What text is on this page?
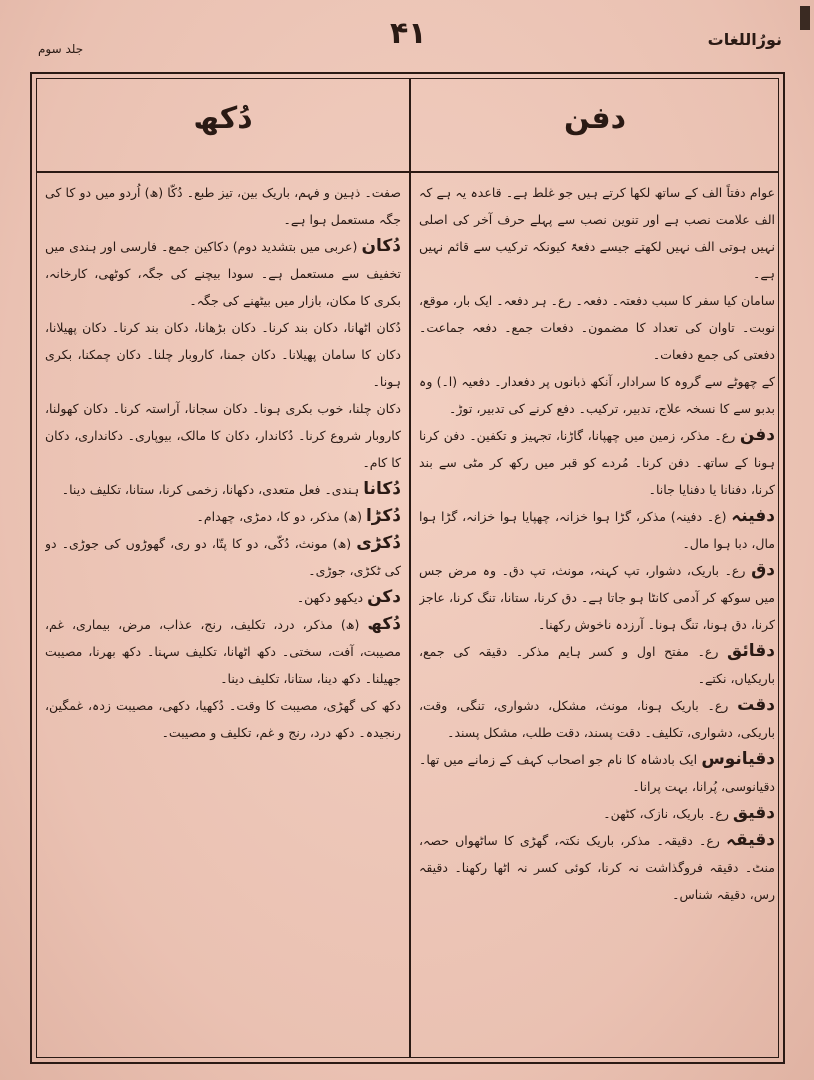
جلد سوم	۴۱	نورُاللغات
دُکھ	دفن

عوام دفتاً الف کے ساتھ لکھا کرتے ہیں جو غلط ہے۔ قاعدہ یہ ہے کہ الف علامت نصب ہے اور تنوین نصب سے پہلے حرف آخر کی اصلی نہیں ہوتی الف نہیں لکھتے جیسے دفعۃً کیونکہ ترکیب سے قائم نہیں ہے۔

سامان کیا سفر کا سبب دفعتہ۔ دفعہ۔ رع۔ ہر دفعہ۔ ایک بار، موقع، نوبت۔ تاوان کی تعداد کا مضمون۔ دفعات جمع۔ دفعہ جماعت۔ دفعتی کی جمع دفعات۔

کے چھوٹے سے گروہ کا سرادار، آنکھ ذبانوں پر دفعدار۔ دفعیہ (ا۔) وہ بدبو سے کا نسخہ علاج، تدبیر، ترکیب۔ دفع کرنے کی تدبیر، توڑ۔

دفن رع۔ مذکر، زمین میں چھپانا، گاڑنا، تجہیز و تکفین۔ دفن کرنا ہونا کے ساتھ۔ دفن کرنا۔ مُردے کو قبر میں رکھ کر مٹی سے بند کرنا، دفنانا یا دفنایا جانا۔

دفینہ (ع۔ دفینہ) مذکر، گڑا ہوا خزانہ، چھپایا ہوا خزانہ، گڑا ہوا مال، دبا ہوا مال۔

دق رع۔ باریک، دشوار، تپ کہنہ، مونث، تپ دق۔ وہ مرض جس میں سوکھ کر آدمی کانٹا ہو جاتا ہے۔ دق کرنا، ستانا، تنگ کرنا، عاجز کرنا، دق ہونا، تنگ ہونا۔ آرزدہ ناخوش رکھنا۔

دقائق رع۔ مفتح اول و کسر ہایم مذکر۔ دقیقہ کی جمع، باریکیاں، نکتے۔

دقت رع۔ باریک ہونا، مونث، مشکل، دشواری، تنگی، وقت، باریکی، دشواری، تکلیف۔ دقت پسند، دقت طلب، مشکل پسند۔

دقیانوس ایک بادشاہ کا نام جو اصحاب کہف کے زمانے میں تھا۔ دقیانوسی، پُرانا، بہت پرانا۔

دقیق رع۔ باریک، نازک، کٹھن۔

دقیقہ رع۔ دقیقہ۔ مذکر، باریک نکتہ، گھڑی کا ساٹھواں حصہ، منٹ۔ دقیقہ فروگذاشت نہ کرنا، کوئی کسر نہ اٹھا رکھنا۔ دقیقہ رس، دقیقہ شناس۔

صفت۔ ذہین و فہم، باریک بین، تیز طبع۔ دُکّا (ھ) اُردو میں دو کا کی جگہ مستعمل ہوا ہے۔

دُکان (عربی میں بتشدید دوم) دکاکین جمع۔ فارسی اور ہندی میں تخفیف سے مستعمل ہے۔ سودا بیچنے کی جگہ، کوٹھی، کارخانہ، بکری کا مکان، بازار میں بیٹھنے کی جگہ۔

دُکان اٹھانا، دکان بند کرنا۔ دکان بڑھانا، دکان بند کرنا۔ دکان پھیلانا، دکان کا سامان پھیلانا۔ دکان جمنا، کاروبار چلنا۔ دکان چمکنا، بکری ہونا۔

دکان چلنا، خوب بکری ہونا۔ دکان سجانا، آراستہ کرنا۔ دکان کھولنا، کاروبار شروع کرنا۔ دُکاندار، دکان کا مالک، بیوپاری۔ دکانداری، دکان کا کام۔

دُکانا ہندی۔ فعل متعدی، دکھانا، زخمی کرنا، ستانا، تکلیف دینا۔

دُکڑا (ھ) مذکر، دو کا، دمڑی، چھدام۔

دُکڑی (ھ) مونث، دُکّی، دو کا پتّا، دو ری، گھوڑوں کی جوڑی۔ دو کی ٹکڑی، جوڑی۔

دکن دیکھو دکھن۔

دُکھ (ھ) مذکر، درد، تکلیف، رنج، عذاب، مرض، بیماری، غم، مصیبت، آفت، سختی۔ دکھ اٹھانا، تکلیف سہنا۔ دکھ بھرنا، مصیبت جھیلنا۔ دکھ دینا، ستانا، تکلیف دینا۔

دکھ کی گھڑی، مصیبت کا وقت۔ دُکھیا، دکھی، مصیبت زدہ، غمگین، رنجیدہ۔ دکھ درد، رنج و غم، تکلیف و مصیبت۔
